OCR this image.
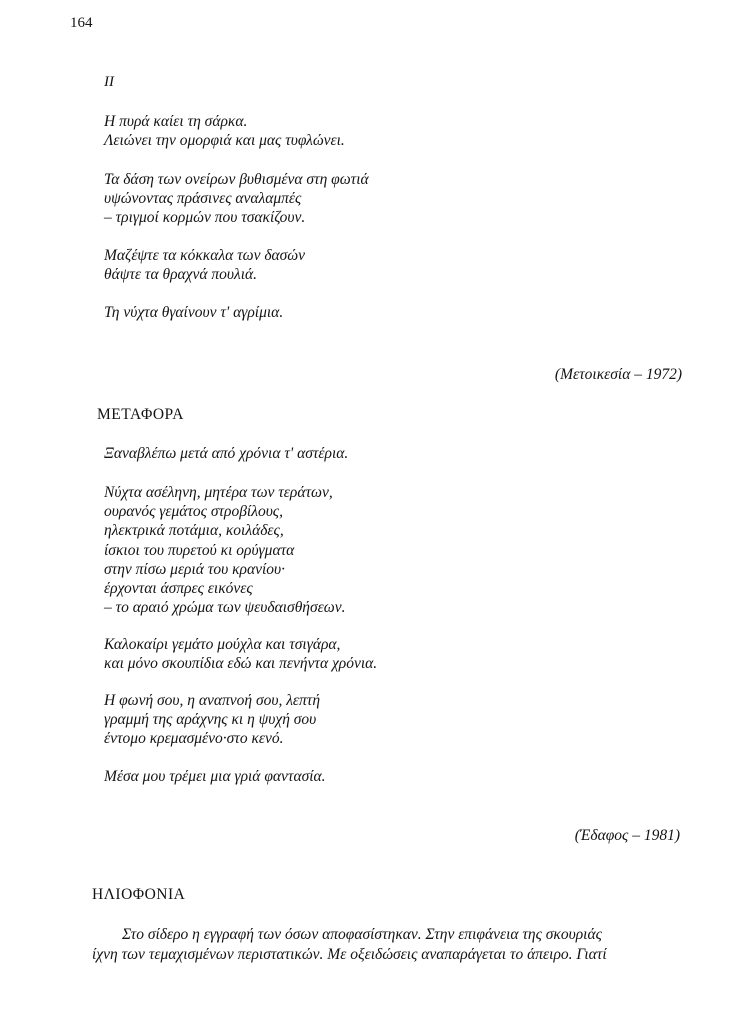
164
II
Η πυρά καίει τη σάρκα.
Λειώνει την ομορφιά και μας τυφλώνει.
Τα δάση των ονείρων βυθισμένα στη φωτιά
υψώνοντας πράσινες αναλαμπές
– τριγμοί κορμών που τσακίζουν.
Μαζέψτε τα κόκκαλα των δασών
θάψτε τα θραχνά πουλιά.
Τη νύχτα θγαίνουν τ' αγρίμια.
(Μετοικεσία – 1972)
ΜΕΤΑΦΟΡΑ
Ξαναβλέπω μετά από χρόνια τ' αστέρια.
Νύχτα ασέληνη, μητέρα των τεράτων,
ουρανός γεμάτος στροβίλους,
ηλεκτρικά ποτάμια, κοιλάδες,
ίσκιοι του πυρετού κι ορύγματα
στην πίσω μεριά του κρανίου·
έρχονται άσπρες εικόνες
– το αραιό χρώμα των ψευδαισθήσεων.
Καλοκαίρι γεμάτο μούχλα και τσιγάρα,
και μόνο σκουπίδια εδώ και πενήντα χρόνια.
Η φωνή σου, η αναπνοή σου, λεπτή
γραμμή της αράχνης κι η ψυχή σου
έντομο κρεμασμένο·στο κενό.
Μέσα μου τρέμει μια γριά φαντασία.
(Έδαφος – 1981)
ΗΛΙΟΦΟΝΙΑ
Στο σίδερο η εγγραφή των όσων αποφασίστηκαν. Στην επιφάνεια της σκουριάς
ίχνη των τεμαχισμένων περιστατικών. Με οξειδώσεις αναπαράγεται το άπειρο. Γιατί
